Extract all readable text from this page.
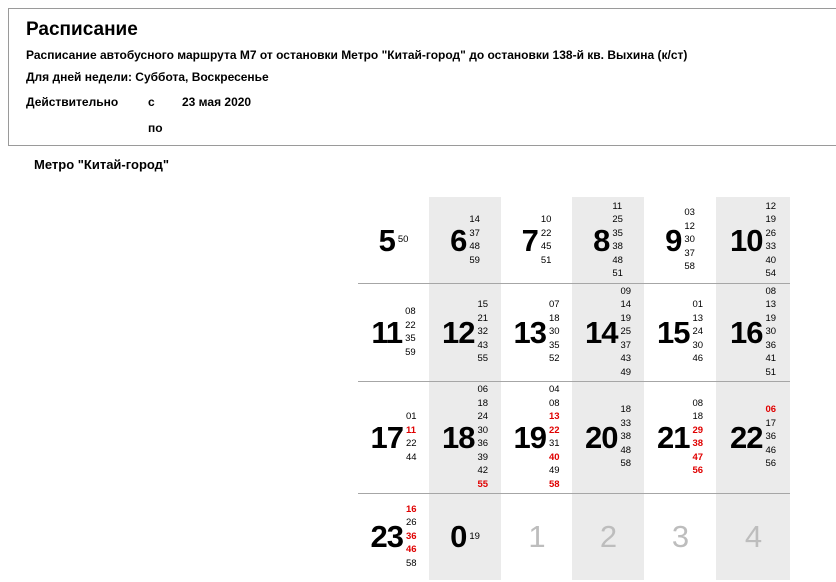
Расписание
Расписание автобусного маршрута М7 от остановки Метро "Китай-город" до остановки 138-й кв. Выхина (к/ст)
Для дней недели: Суббота, Воскресенье
Действительно с 23 мая 2020
по
Метро "Китай-город"
5 50 6
14
37
48
59
7
10
22
45
51
8
11
25
35
38
48
51
9
03
12
30
37
58
10
12
19
26
33
40
54
11
08
22
35
59
12
15
21
32
43
55
13
07
18
30
35
52
14
09
14
19
25
37
43
49
15
01
13
24
30
46
16
08
13
19
30
36
41
51
17
01
11
22
44
18
06
18
24
30
36
39
42
55
19
04
08
13
22
31
40
49
58
20
18
33
38
48
58
21
08
18
29
38
47
56
22
06
17
36
46
56
23
16
26
36
46
58
0 19 1 2 3 4
